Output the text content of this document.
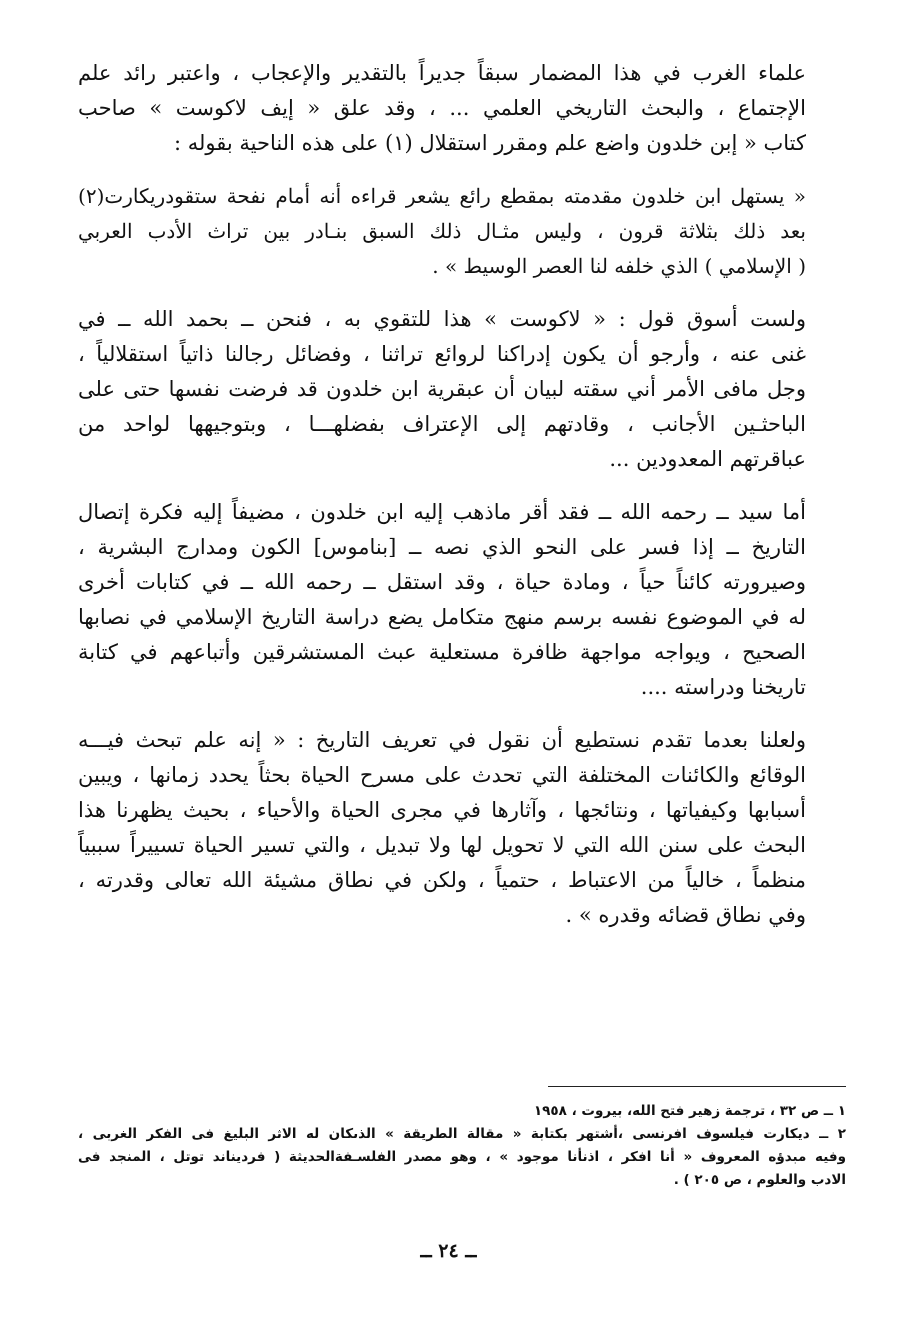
علماء الغرب في هذا المضمار سبقاً جديراً بالتقدير والإعجاب ، واعتبر رائد علم
الإجتماع ، والبحث التاريخي العلمي ... ، وقد علق « إيف لاكوست » صاحب
كتاب « إبن خلدون واضع علم ومقرر استقلال (١) على هذه الناحية بقوله :
« يستهل ابن خلدون مقدمته بمقطع رائع يشعر قراءه أنه أمام نفحة ستقودريكارت(٢)
بعد ذلك بثلاثة قرون ، وليس مثـال ذلك السبق بنـادر بين تراث الأدب العربي
( الإسلامي ) الذي خلفه لنا العصر الوسيط » .
ولست أسوق قول : « لاكوست » هذا للتقوي به ، فنحن ــ بحمد الله ــ في
غنى عنه ، وأرجو أن يكون إدراكنا لروائع تراثنا ، وفضائل رجالنا ذاتياً استقلالياً ،
وجل مافى الأمر أني سقته لبيان أن عبقرية ابن خلدون قد فرضت نفسها حتى على
الباحثـين الأجانب ، وقادتهم إلى الإعتراف بفضلهـــا ، وبتوجيهها لواحد من
عباقرتهم المعدودين ...
أما سيد ــ رحمه الله ــ فقد أقر ماذهب إليه ابن خلدون ، مضيفاً إليه فكرة إتصال
التاريخ ــ إذا فسر على النحو الذي نصه ــ [بناموس] الكون ومدارج البشرية ،
وصيرورته كائناً حياً ، ومادة حياة ، وقد استقل ــ رحمه الله ــ في كتابات أخرى
له في الموضوع نفسه برسم منهج متكامل يضع دراسة التاريخ الإسلامي في نصابها
الصحيح ، ويواجه مواجهة ظافرة مستعلية عبث المستشرقين وأتباعهم في كتابة
تاريخنا ودراسته ....
ولعلنا بعدما تقدم نستطيع أن نقول في تعريف التاريخ : « إنه علم تبحث فيـــه
الوقائع والكائنات المختلفة التي تحدث على مسرح الحياة بحثاً يحدد زمانها ، ويبين
أسبابها وكيفياتها ، ونتائجها ، وآثارها في مجرى الحياة والأحياء ، بحيث يظهرنا هذا
البحث على سنن الله التي لا تحويل لها ولا تبديل ، والتي تسير الحياة تسييراً سببياً
منظماً ، خالياً من الاعتباط ، حتمياً ، ولكن في نطاق مشيئة الله تعالى وقدرته ،
وفي نطاق قضائه وقدره » .
١ ــ ص ٣٢ ، ترجمة زهير فتح الله، بيروت ، ١٩٥٨
٢ ــ ديكارت فيلسوف افرنسى ،أشتهر بكتابة « مقالة الطريقة » الذىكان له الاثر البليغ فى الفكر الغربى ،
وفيه مبدؤه المعروف « أنا افكر ، اذنأنا موجود » ، وهو مصدر الفلسـفةالحديثة ( فرديناند توتل ، المنجد فى
الادب والعلوم ، ص ٢٠٥ ) .
ــ ٢٤ ــ
